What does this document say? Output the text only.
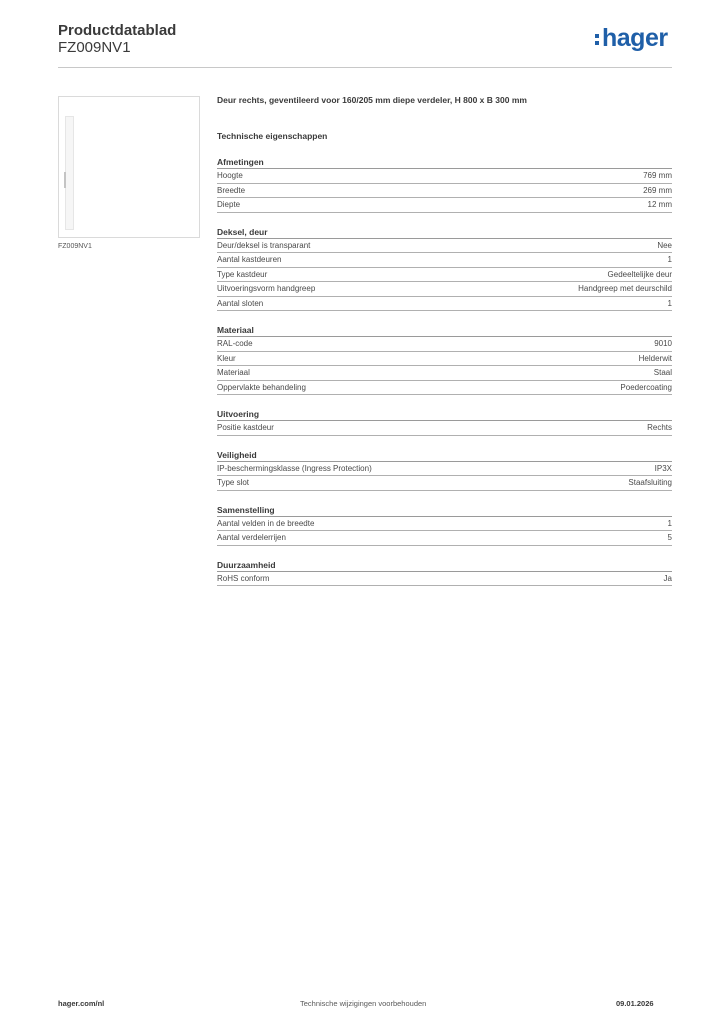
Productdatablad
FZ009NV1	hager
FZ009NV1
Deur rechts, geventileerd voor 160/205 mm diepe verdeler, H 800 x B 300 mm
Technische eigenschappen
Afmetingen
Hoogte	769 mm
Breedte	269 mm
Diepte	12 mm
Deksel, deur
Deur/deksel is transparant	Nee
Aantal kastdeuren	1
Type kastdeur	Gedeeltelijke deur
Uitvoeringsvorm handgreep	Handgreep met deurschild
Aantal sloten	1
Materiaal
RAL-code	9010
Kleur	Helderwit
Materiaal	Staal
Oppervlakte behandeling	Poedercoating
Uitvoering
Positie kastdeur	Rechts
Veiligheid
IP-beschermingsklasse (Ingress Protection)	IP3X
Type slot	Staafsluiting
Samenstelling
Aantal velden in de breedte	1
Aantal verdelerrijen	5
Duurzaamheid
RoHS conform	Ja
hager.com/nl	Technische wijzigingen voorbehouden	09.01.2026
